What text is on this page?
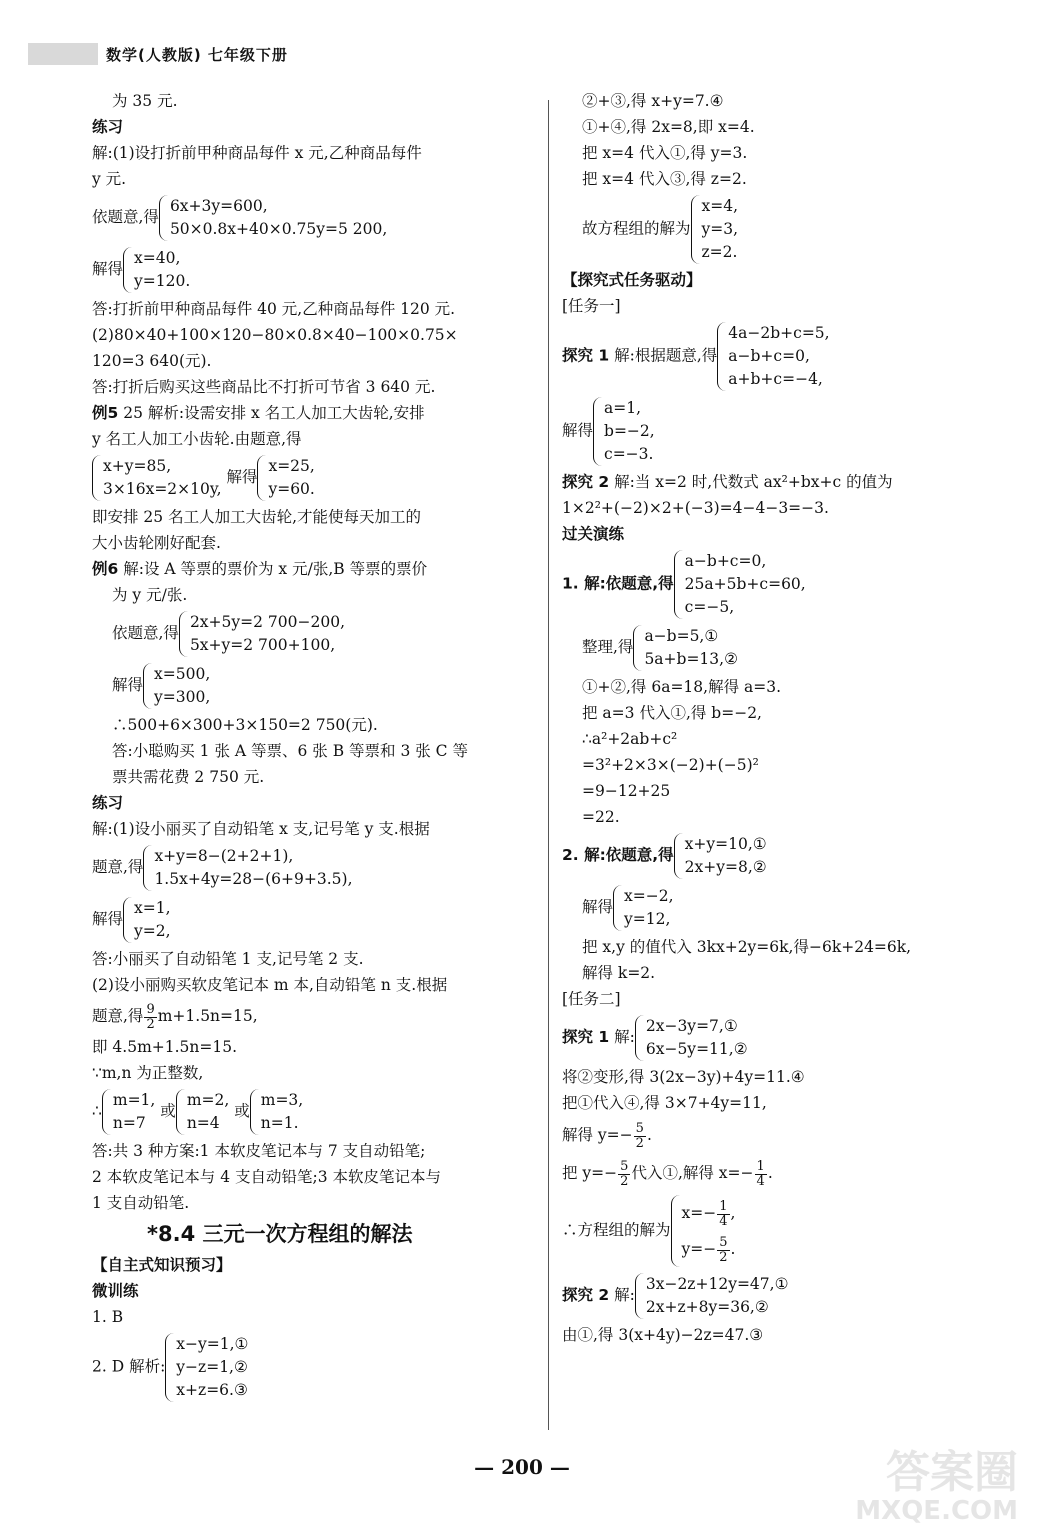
数学(人教版) 七年级下册
为 35 元.
练习
解:(1)设打折前甲种商品每件 x 元,乙种商品每件
y 元.
依题意,得
6x+3y=600,
50×0.8x+40×0.75y=5 200,
解得
x=40,
y=120.
答:打折前甲种商品每件 40 元,乙种商品每件 120 元.
(2)80×40+100×120−80×0.8×40−100×0.75×
120=3 640(元).
答:打折后购买这些商品比不打折可节省 3 640 元.
例5 25 解析:设需安排 x 名工人加工大齿轮,安排
y 名工人加工小齿轮.由题意,得
x+y=85,
3×16x=2×10y,
解得
x=25,
y=60.
即安排 25 名工人加工大齿轮,才能使每天加工的
大小齿轮刚好配套.
例6 解:设 A 等票的票价为 x 元/张,B 等票的票价
为 y 元/张.
依题意,得
2x+5y=2 700−200,
5x+y=2 700+100,
解得
x=500,
y=300,
∴500+6×300+3×150=2 750(元).
答:小聪购买 1 张 A 等票、6 张 B 等票和 3 张 C 等
票共需花费 2 750 元.
练习
解:(1)设小丽买了自动铅笔 x 支,记号笔 y 支.根据
题意,得
x+y=8−(2+2+1),
1.5x+4y=28−(6+9+3.5),
解得
x=1,
y=2,
答:小丽买了自动铅笔 1 支,记号笔 2 支.
(2)设小丽购买软皮笔记本 m 本,自动铅笔 n 支.根据
题意,得 $\frac{9}{2} m+1.5n=15$,
即 4.5m+1.5n=15.
∵m,n 为正整数,
∴
m=1,
n=7
或
m=2,
n=4
或
m=3,
n=1.
答:共 3 种方案:1 本软皮笔记本与 7 支自动铅笔;
2 本软皮笔记本与 4 支自动铅笔;3 本软皮笔记本与
1 支自动铅笔.
*8.4 三元一次方程组的解法
【自主式知识预习】
微训练
1. B
2. D 解析:
x−y=1,①
y−z=1,②
x+z=6.③
②+③,得 x+y=7.④
①+④,得 2x=8,即 x=4.
把 x=4 代入①,得 y=3.
把 x=4 代入③,得 z=2.
故方程组的解为
x=4,
y=3,
z=2.
【探究式任务驱动】
[任务一]
探究 1 解:根据题意,得
4a−2b+c=5,
a−b+c=0,
a+b+c=−4,
解得
a=1,
b=−2,
c=−3.
探究 2 解:当 x=2 时,代数式 ax²+bx+c 的值为
1×2²+(−2)×2+(−3)=4−4−3=−3.
过关演练
1. 解:依题意,得
a−b+c=0,
25a+5b+c=60,
c=−5,
整理,得
a−b=5,①
5a+b=13,②
①+②,得 6a=18,解得 a=3.
把 a=3 代入①,得 b=−2,
∴a²+2ab+c²
=3²+2×3×(−2)+(−5)²
=9−12+25
=22.
2. 解:依题意,得
x+y=10,①
2x+y=8,②
解得
x=−2,
y=12,
把 x,y 的值代入 3kx+2y=6k,得−6k+24=6k,
解得 k=2.
[任务二]
探究 1 解:
2x−3y=7,①
6x−5y=11,②
将②变形,得 3(2x−3y)+4y=11.④
把①代入④,得 3×7+4y=11,
解得 $y=- \frac{5}{2}$ .
把 $y=- \frac{5}{2}$ 代入①,解得 $x=- \frac{1}{4}$ .
∴方程组的解为
$x=- \frac{1}{4}$ ,
$y=- \frac{5}{2}$ .
探究 2 解:
3x−2z+12y=47,①
2x+z+8y=36,②
由①,得 3(x+4y)−2z=47.③
— 200 —	答案圈
MXQE.COM
